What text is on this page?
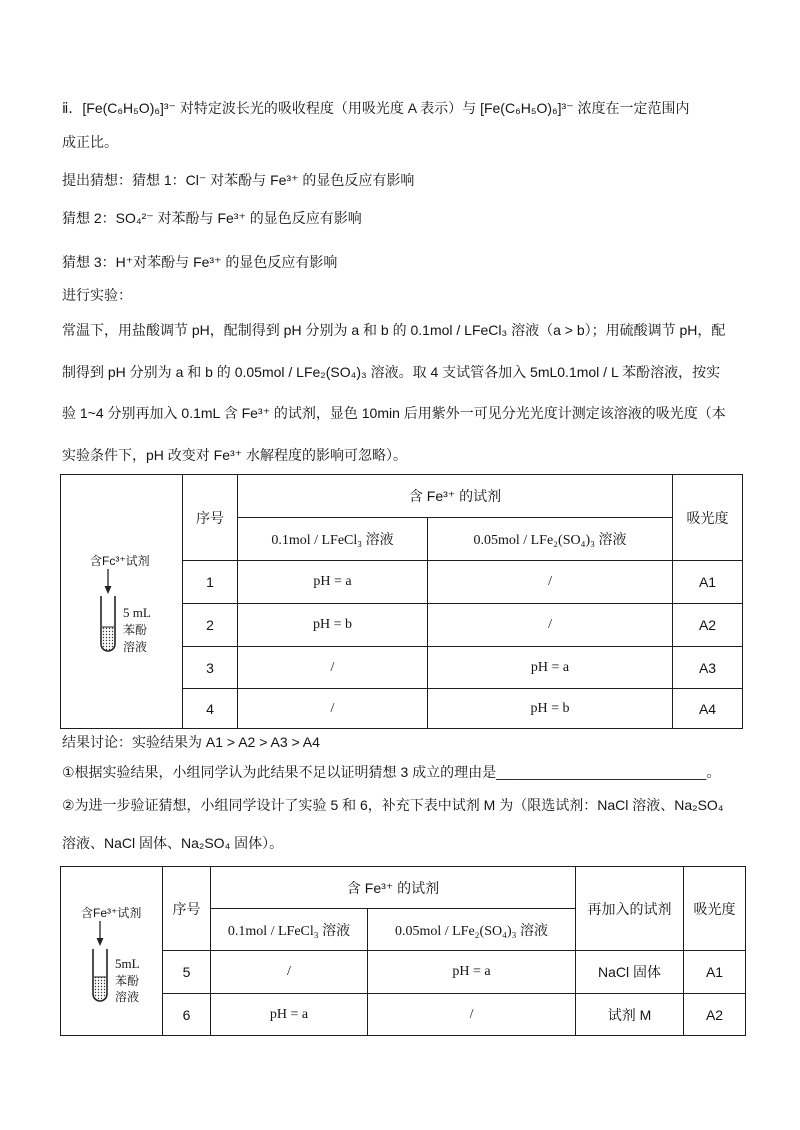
ⅱ．[Fe(C₆H₅O)₆]³⁻ 对特定波长光的吸收程度（用吸光度 A 表示）与 [Fe(C₆H₅O)₆]³⁻ 浓度在一定范围内
成正比。
提出猜想：猜想 1：Cl⁻ 对苯酚与 Fe³⁺ 的显色反应有影响
猜想 2：SO₄²⁻ 对苯酚与 Fe³⁺ 的显色反应有影响
猜想 3：H⁺对苯酚与 Fe³⁺ 的显色反应有影响
进行实验：
常温下，用盐酸调节 pH，配制得到 pH 分别为 a 和 b 的 0.1mol / LFeCl₃ 溶液（a > b）；用硫酸调节 pH，配
制得到 pH 分别为 a 和 b 的 0.05mol / LFe₂(SO₄)₃ 溶液。取 4 支试管各加入 5mL0.1mol / L 苯酚溶液，按实
验 1~4 分别再加入 0.1mL 含 Fe³⁺ 的试剂，显色 10min 后用紫外一可见分光光度计测定该溶液的吸光度（本
实验条件下，pH 改变对 Fe³⁺ 水解程度的影响可忽略）。
含Fc³⁺试剂
5 mL
苯酚
溶液	序号	含 Fe³⁺ 的试剂		吸光度
		0.1mol / LFeCl₃ 溶液	0.05mol / LFe₂(SO₄)₃ 溶液	
	1	pH = a	/	A1
	2	pH = b	/	A2
	3	/	pH = a	A3
	4	/	pH = b	A4
结果讨论：实验结果为 A1 > A2 > A3 > A4
①根据实验结果，小组同学认为此结果不足以证明猜想 3 成立的理由是___________________________。
②为进一步验证猜想，小组同学设计了实验 5 和 6，补充下表中试剂 M 为（限选试剂：NaCl 溶液、Na₂SO₄
溶液、NaCl 固体、Na₂SO₄ 固体）。
含Fe³⁺试剂
5mL
苯酚
溶液	序号	含 Fe³⁺ 的试剂		再加入的试剂	吸光度
		0.1mol / LFeCl₃ 溶液	0.05mol / LFe₂(SO₄)₃ 溶液		
	5	/	pH = a	NaCl 固体	A1
	6	pH = a	/	试剂 M	A2
